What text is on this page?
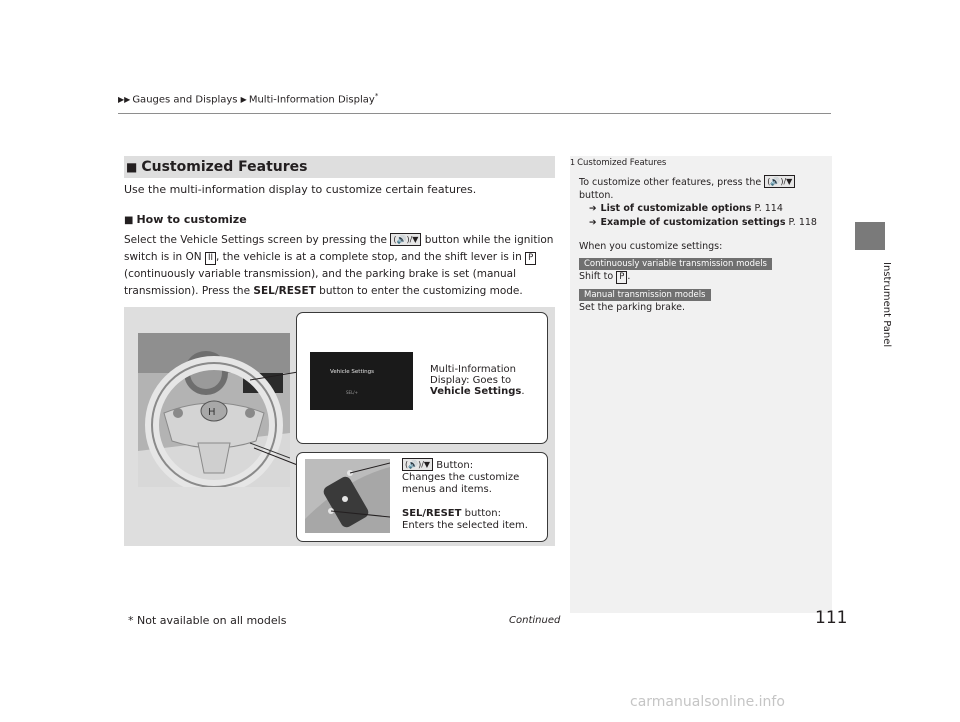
▶▶ Gauges and Displays ▶ Multi-Information Display*
Instrument Panel
■ Customized Features
Use the multi-information display to customize certain features.
■ How to customize
Select the Vehicle Settings screen by pressing the (🔊)/▼ button while the ignition switch is in ON II , the vehicle is at a complete stop, and the shift lever is in P (continuously variable transmission), and the parking brake is set (manual transmission). Press the SEL/RESET button to enter the customizing mode.
H
Vehicle Settings
SEL/+
Multi-Information Display: Goes to
Vehicle Settings.
(🔊)/▼ Button:
Changes the customize menus and items.
SEL/RESET button:
Enters the selected item.
1 Customized Features
To customize other features, press the (🔊)/▼
button.
➔ List of customizable options P. 114
➔ Example of customization settings P. 118
When you customize settings:

Continuously variable transmission models
Shift to P .

Manual transmission models
Set the parking brake.
* Not available on all models	Continued	111
carmanualsonline.info
